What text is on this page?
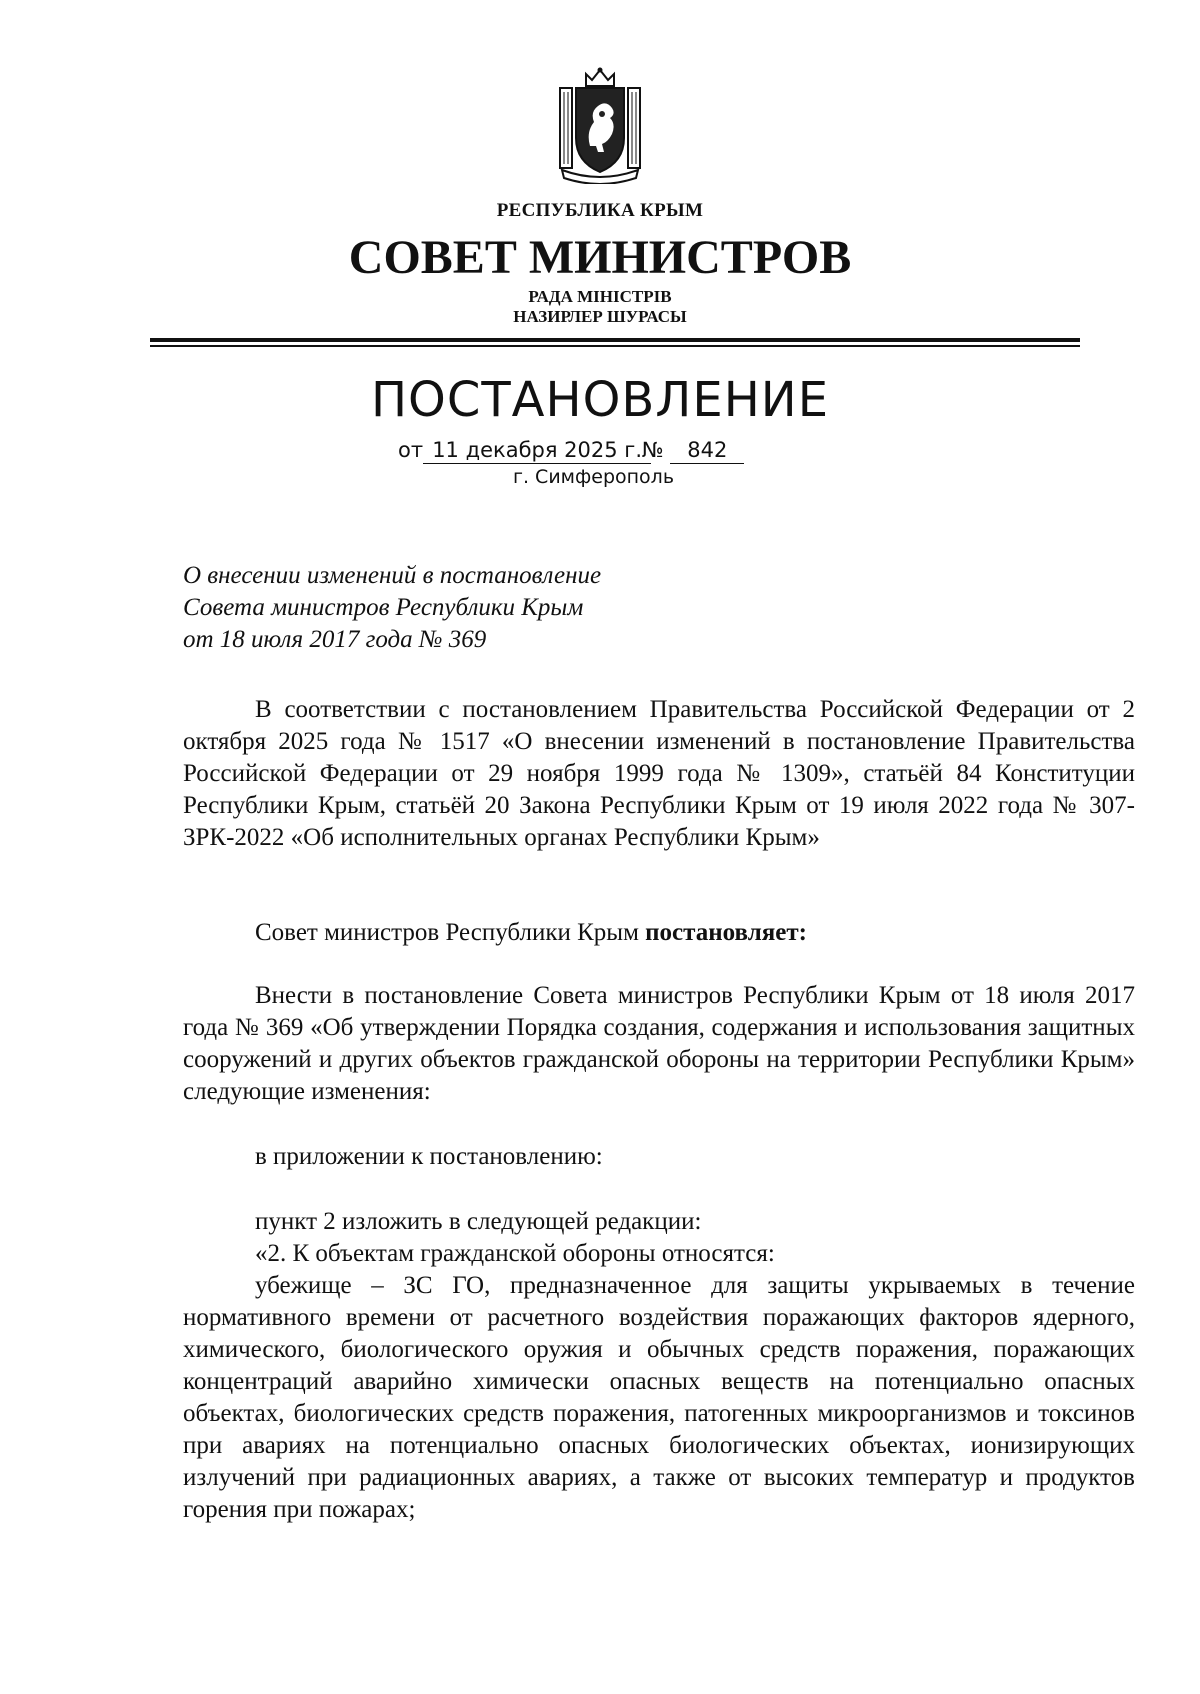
РЕСПУБЛИКА КРЫМ
СОВЕТ МИНИСТРОВ
РАДА МІНІСТРІВ
НАЗИРЛЕР ШУРАСЫ
ПОСТАНОВЛЕНИЕ
от 11 декабря 2025 г. № 842
г. Симферополь
О внесении изменений в постановление
Совета министров Республики Крым
от 18 июля 2017 года № 369

В соответствии с постановлением Правительства Российской Федерации от 2 октября 2025 года № 1517 «О внесении изменений в постановление Правительства Российской Федерации от 29 ноября 1999 года № 1309», статьёй 84 Конституции Республики Крым, статьёй 20 Закона Республики Крым от 19 июля 2022 года № 307-ЗРК-2022 «Об исполнительных органах Республики Крым»

Совет министров Республики Крым постановляет:

Внести в постановление Совета министров Республики Крым от 18 июля 2017 года № 369 «Об утверждении Порядка создания, содержания и использования защитных сооружений и других объектов гражданской обороны на территории Республики Крым» следующие изменения:

в приложении к постановлению:

пункт 2 изложить в следующей редакции:

«2. К объектам гражданской обороны относятся:

убежище – ЗС ГО, предназначенное для защиты укрываемых в течение нормативного времени от расчетного воздействия поражающих факторов ядерного, химического, биологического оружия и обычных средств поражения, поражающих концентраций аварийно химически опасных веществ на потенциально опасных объектах, биологических средств поражения, патогенных микроорганизмов и токсинов при авариях на потенциально опасных биологических объектах, ионизирующих излучений при радиационных авариях, а также от высоких температур и продуктов горения при пожарах;
